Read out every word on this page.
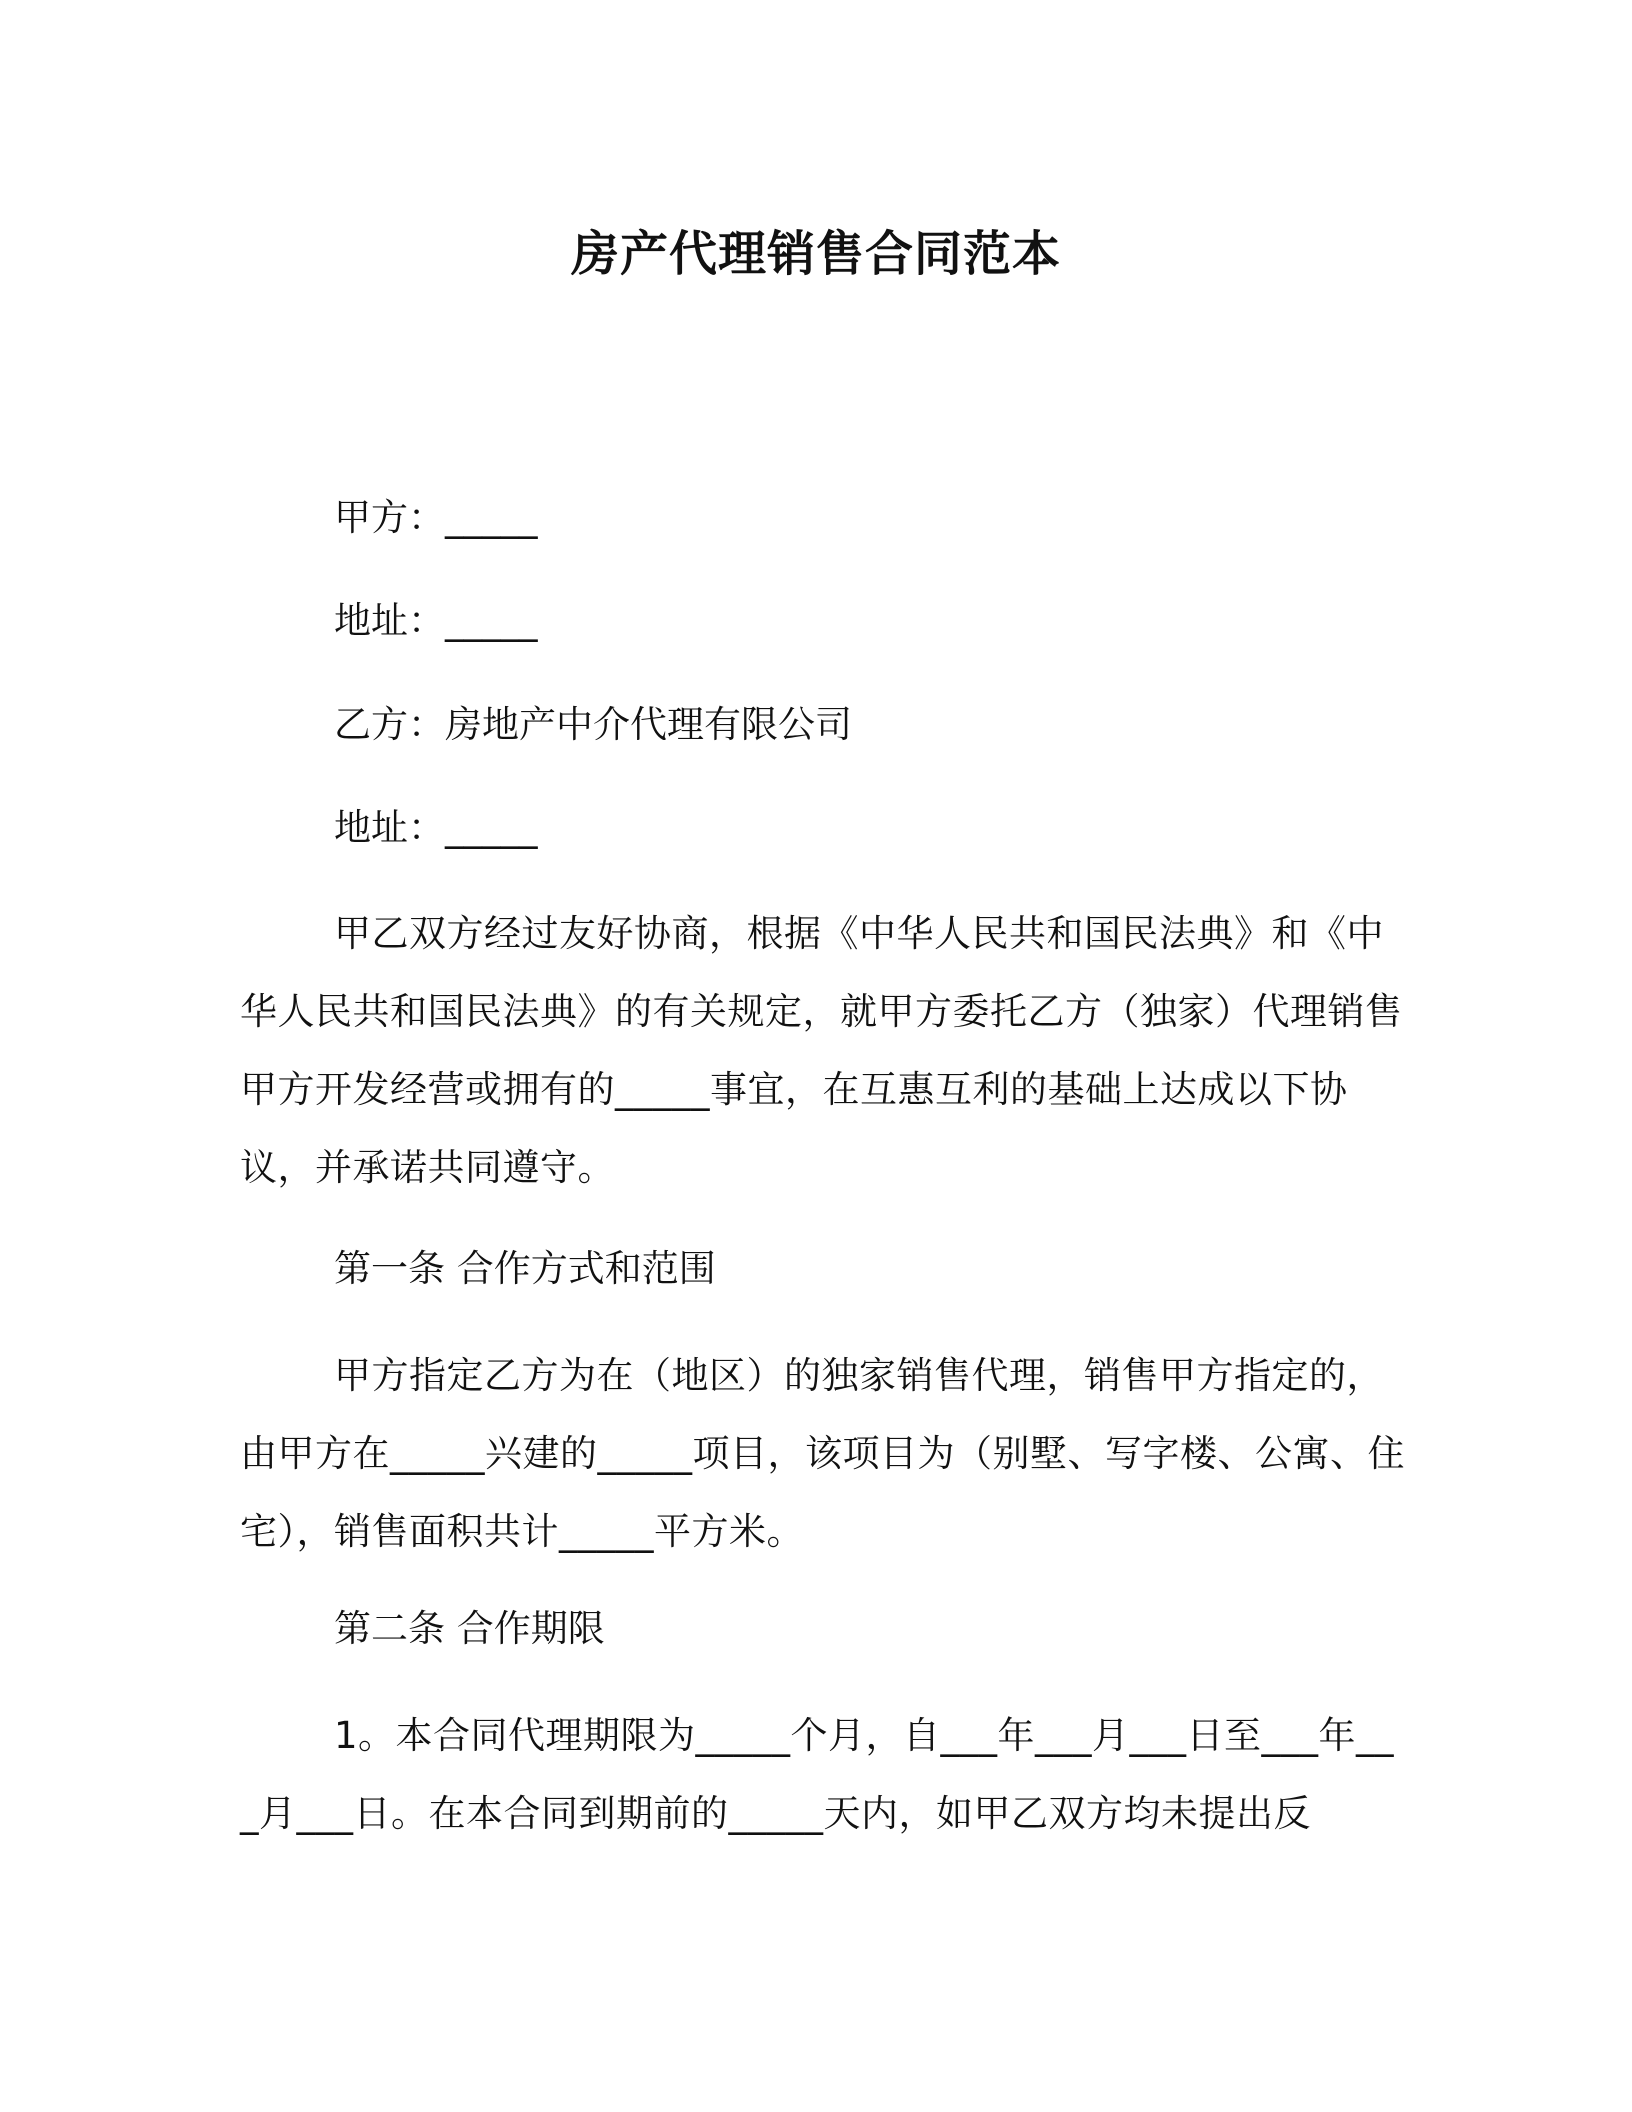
房产代理销售合同范本
甲方：_____
地址：_____
乙方：房地产中介代理有限公司
地址：_____
甲乙双方经过友好协商，根据《中华人民共和国民法典》和《中华人民共和国民法典》的有关规定，就甲方委托乙方（独家）代理销售甲方开发经营或拥有的_____事宜，在互惠互利的基础上达成以下协议，并承诺共同遵守。
第一条 合作方式和范围
甲方指定乙方为在（地区）的独家销售代理，销售甲方指定的，由甲方在_____兴建的_____项目，该项目为（别墅、写字楼、公寓、住宅），销售面积共计_____平方米。
第二条 合作期限
1。本合同代理期限为_____个月，自___年___月___日至___年___月___日。在本合同到期前的_____天内，如甲乙双方均未提出反
